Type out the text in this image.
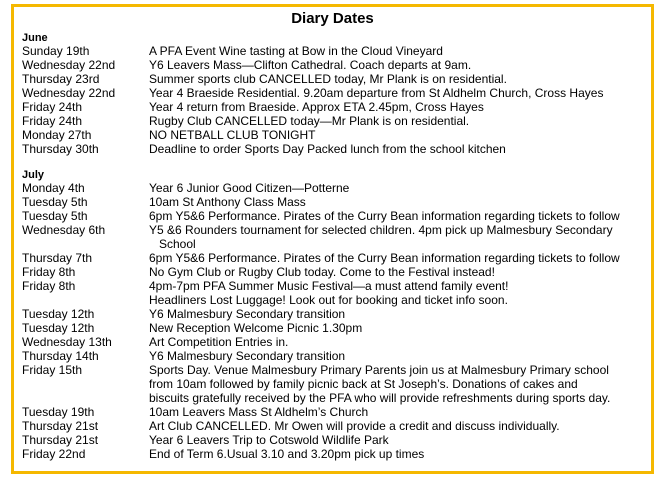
Diary Dates
June
Sunday 19th	A PFA Event Wine tasting at Bow in the Cloud Vineyard
Wednesday 22nd	Y6 Leavers Mass—Clifton Cathedral. Coach departs at 9am.
Thursday 23rd	Summer sports club CANCELLED today, Mr Plank is on residential.
Wednesday 22nd	Year 4 Braeside Residential. 9.20am departure from St Aldhelm Church, Cross Hayes
Friday 24th	Year 4 return from Braeside. Approx ETA 2.45pm, Cross Hayes
Friday 24th	Rugby Club CANCELLED today—Mr Plank is on residential.
Monday 27th	NO NETBALL CLUB TONIGHT
Thursday 30th	Deadline to order Sports Day Packed lunch from the school kitchen
July
Monday 4th	Year 6 Junior Good Citizen—Potterne
Tuesday 5th	10am St Anthony Class Mass
Tuesday 5th	6pm Y5&6 Performance. Pirates of the Curry Bean information regarding tickets to follow
Wednesday 6th	Y5 &6 Rounders tournament for selected children. 4pm pick up Malmesbury Secondary
School
Thursday 7th	6pm Y5&6 Performance. Pirates of the Curry Bean information regarding tickets to follow
Friday 8th	No Gym Club or Rugby Club today. Come to the Festival instead!
Friday 8th	4pm-7pm PFA Summer Music Festival—a must attend family event!
Headliners Lost Luggage! Look out for booking and ticket info soon.
Tuesday 12th	Y6 Malmesbury Secondary transition
Tuesday 12th	New Reception Welcome Picnic 1.30pm
Wednesday 13th	Art Competition Entries in.
Thursday 14th	Y6 Malmesbury Secondary transition
Friday 15th	Sports Day. Venue Malmesbury Primary Parents join us at Malmesbury Primary school
from 10am followed by family picnic back at St Joseph’s. Donations of cakes and
biscuits gratefully received by the PFA who will provide refreshments during sports day.
Tuesday 19th	10am Leavers Mass St Aldhelm’s Church
Thursday 21st	Art Club CANCELLED. Mr Owen will provide a credit and discuss individually.
Thursday 21st	Year 6 Leavers Trip to Cotswold Wildlife Park
Friday 22nd	End of Term 6.Usual 3.10 and 3.20pm pick up times
